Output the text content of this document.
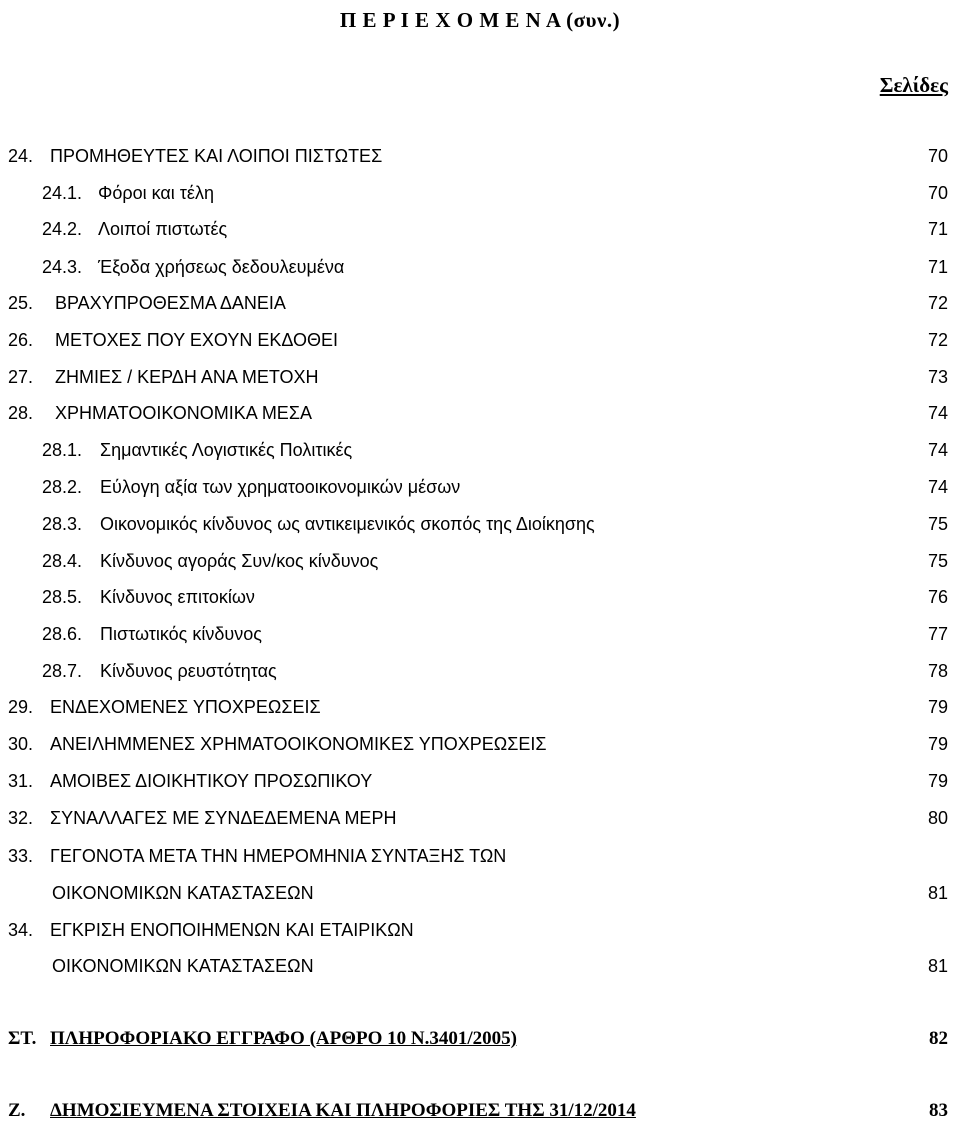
Π Ε Ρ Ι Ε Χ Ο Μ Ε Ν Α (συν.)
Σελίδες
24. ΠΡΟΜΗΘΕΥΤΕΣ ΚΑΙ ΛΟΙΠΟΙ ΠΙΣΤΩΤΕΣ	70
24.1. Φόροι και τέλη	70
24.2. Λοιποί πιστωτές	71
24.3. Έξοδα χρήσεως δεδουλευμένα	71
25. ΒΡΑΧΥΠΡΟΘΕΣΜΑ ΔΑΝΕΙΑ	72
26. ΜΕΤΟΧΕΣ ΠΟΥ ΕΧΟΥΝ ΕΚΔΟΘΕΙ	72
27. ΖΗΜΙΕΣ / ΚΕΡΔΗ ΑΝΑ ΜΕΤΟΧΗ	73
28. ΧΡΗΜΑΤΟΟΙΚΟΝΟΜΙΚΑ ΜΕΣΑ	74
28.1. Σημαντικές Λογιστικές Πολιτικές	74
28.2. Εύλογη αξία των χρηματοοικονομικών μέσων	74
28.3. Οικονομικός κίνδυνος ως αντικειμενικός σκοπός της Διοίκησης	75
28.4. Κίνδυνος αγοράς Συν/κος κίνδυνος	75
28.5. Κίνδυνος επιτοκίων	76
28.6. Πιστωτικός κίνδυνος	77
28.7. Κίνδυνος ρευστότητας	78
29. ΕΝΔΕΧΟΜΕΝΕΣ ΥΠΟΧΡΕΩΣΕΙΣ	79
30. ΑΝΕΙΛΗΜΜΕΝΕΣ ΧΡΗΜΑΤΟΟΙΚΟΝΟΜΙΚΕΣ ΥΠΟΧΡΕΩΣΕΙΣ	79
31. ΑΜΟΙΒΕΣ ΔΙΟΙΚΗΤΙΚΟΥ ΠΡΟΣΩΠΙΚΟΥ	79
32. ΣΥΝΑΛΛΑΓΕΣ ΜΕ ΣΥΝΔΕΔΕΜΕΝΑ ΜΕΡΗ	80
33. ΓΕΓΟΝΟΤΑ ΜΕΤΑ ΤΗΝ ΗΜΕΡΟΜΗΝΙΑ ΣΥΝΤΑΞΗΣ ΤΩΝ
ΟΙΚΟΝΟΜΙΚΩΝ ΚΑΤΑΣΤΑΣΕΩΝ	81
34. ΕΓΚΡΙΣΗ ΕΝΟΠΟΙΗΜΕΝΩΝ ΚΑΙ ΕΤΑΙΡΙΚΩΝ
ΟΙΚΟΝΟΜΙΚΩΝ ΚΑΤΑΣΤΑΣΕΩΝ	81
ΣΤ. ΠΛΗΡΟΦΟΡΙΑΚΟ ΕΓΓΡΑΦΟ (ΑΡΘΡΟ 10 Ν.3401/2005)	82
Ζ. ΔΗΜΟΣΙΕΥΜΕΝΑ ΣΤΟΙΧΕΙΑ ΚΑΙ ΠΛΗΡΟΦΟΡΙΕΣ ΤΗΣ 31/12/2014	83
